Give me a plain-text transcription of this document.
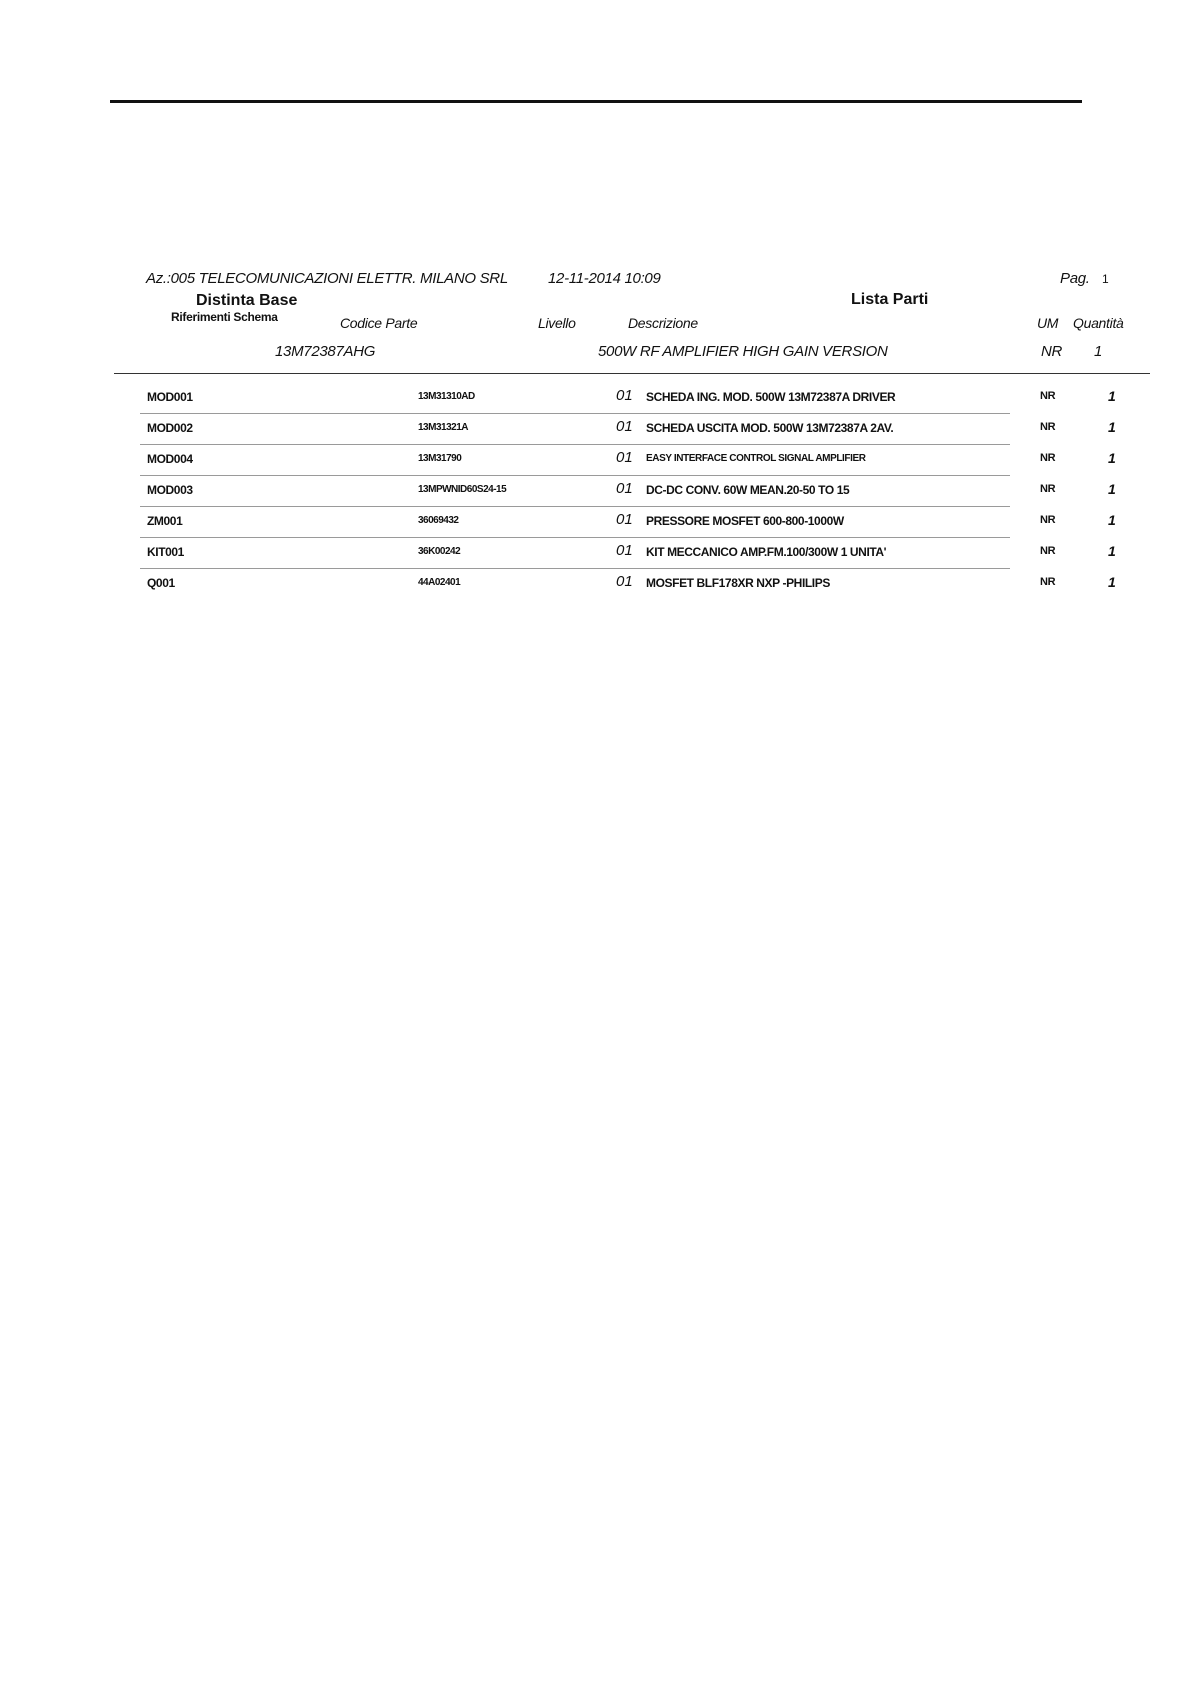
Az.:005 TELECOMUNICAZIONI ELETTR. MILANO SRL	12-11-2014 10:09	Pag. 1
Distinta Base
Riferimenti Schema
Lista Parti
Codice Parte	Livello	Descrizione	UM Quantità
13M72387AHG	500W RF AMPLIFIER HIGH GAIN VERSION	NR 1
MOD001	13M31310AD	01 SCHEDA ING. MOD. 500W 13M72387A DRIVER	NR	1
MOD002	13M31321A	01 SCHEDA USCITA MOD. 500W 13M72387A 2AV.	NR	1
MOD004	13M31790	01 EASY INTERFACE CONTROL SIGNAL AMPLIFIER	NR	1
MOD003	13MPWNID60S24-15	01 DC-DC CONV. 60W MEAN.20-50 TO 15	NR	1
ZM001	36069432	01 PRESSORE MOSFET 600-800-1000W	NR	1
KIT001	36K00242	01 KIT MECCANICO AMP.FM.100/300W 1 UNITA'	NR	1
Q001	44A02401	01 MOSFET BLF178XR NXP -PHILIPS	NR	1
